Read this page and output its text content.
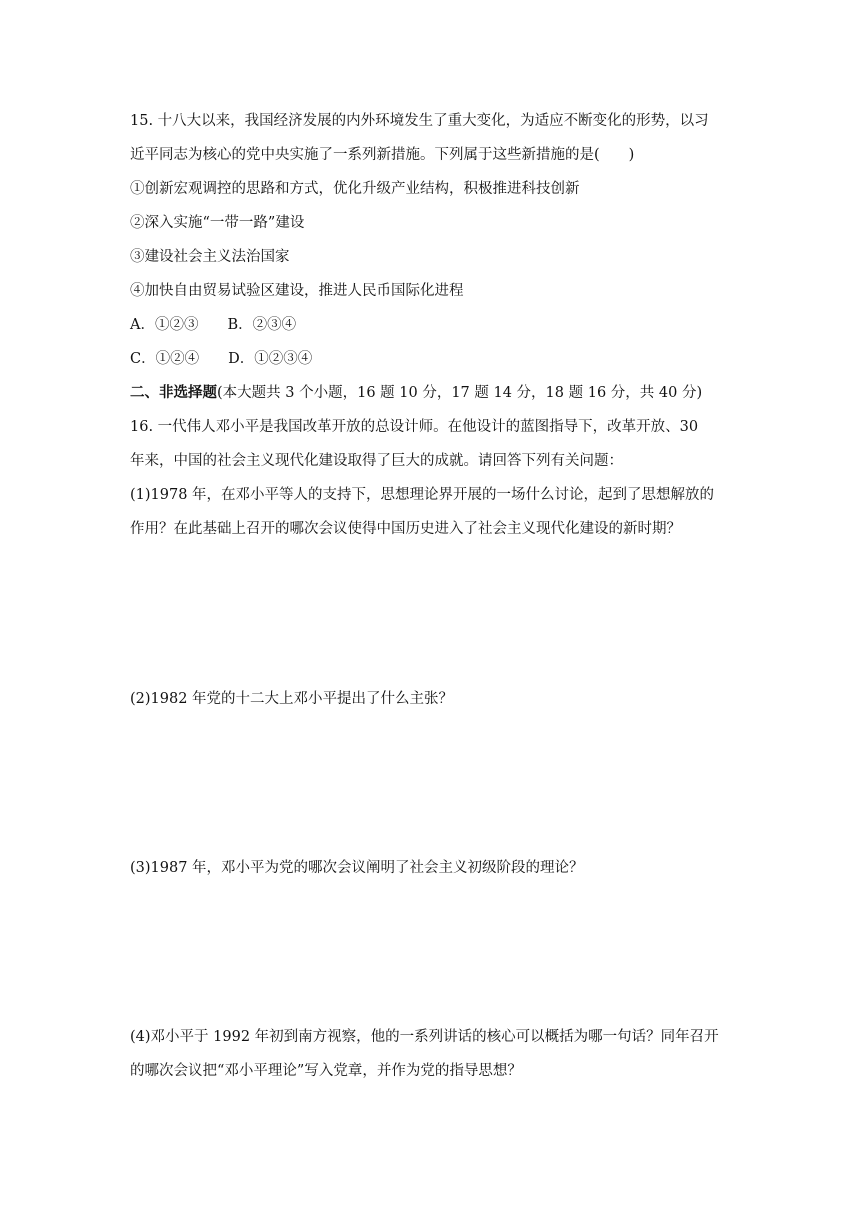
15. 十八大以来，我国经济发展的内外环境发生了重大变化，为适应不断变化的形势，以习
近平同志为核心的党中央实施了一系列新措施。下列属于这些新措施的是(　　)
①创新宏观调控的思路和方式，优化升级产业结构，积极推进科技创新
②深入实施“一带一路”建设
③建设社会主义法治国家
④加快自由贸易试验区建设，推进人民币国际化进程
A．①②③　　B．②③④
C．①②④　　D．①②③④
二、非选择题(本大题共 3 个小题，16 题 10 分，17 题 14 分，18 题 16 分，共 40 分)
16. 一代伟人邓小平是我国改革开放的总设计师。在他设计的蓝图指导下，改革开放、30
年来，中国的社会主义现代化建设取得了巨大的成就。请回答下列有关问题：
(1)1978 年，在邓小平等人的支持下，思想理论界开展的一场什么讨论，起到了思想解放的
作用？在此基础上召开的哪次会议使得中国历史进入了社会主义现代化建设的新时期？
(2)1982 年党的十二大上邓小平提出了什么主张？
(3)1987 年，邓小平为党的哪次会议阐明了社会主义初级阶段的理论？
(4)邓小平于 1992 年初到南方视察，他的一系列讲话的核心可以概括为哪一句话？同年召开
的哪次会议把“邓小平理论”写入党章，并作为党的指导思想？
